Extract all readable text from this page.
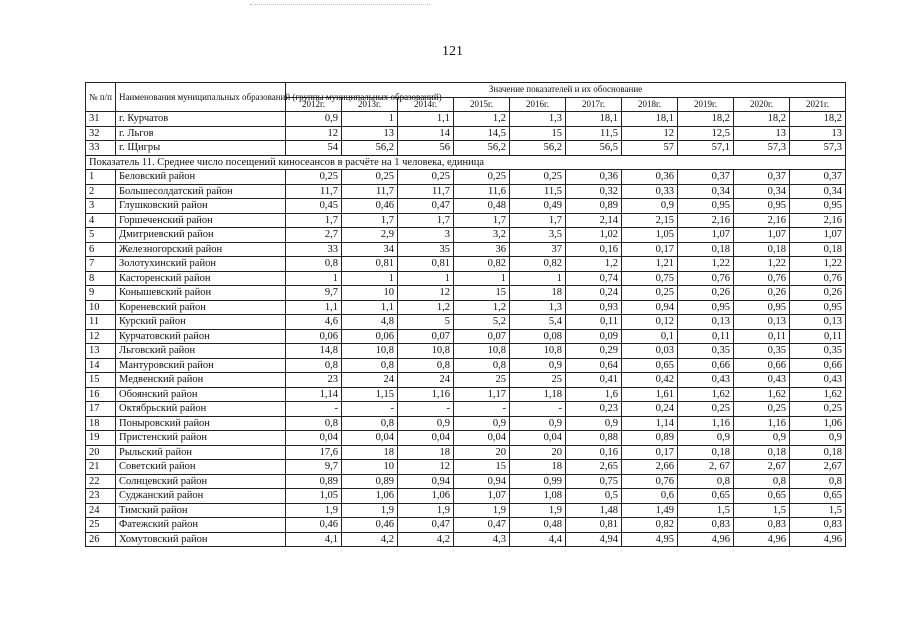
121
№ п/п	Наименования муниципальных образований (группы муниципальных образований)	Значение показателей и их обоснование									
		2012г.	2013г.	2014г.	2015г.	2016г.	2017г.	2018г.	2019г.	2020г.	2021г.
31	г. Курчатов	0,9	1	1,1	1,2	1,3	18,1	18,1	18,2	18,2	18,2
32	г. Льгов	12	13	14	14,5	15	11,5	12	12,5	13	13
33	г. Щигры	54	56,2	56	56,2	56,2	56,5	57	57,1	57,3	57,3
Показатель 11. Среднее число посещений киносеансов в расчёте на 1 человека, единица											
1	Беловский район	0,25	0,25	0,25	0,25	0,25	0,36	0,36	0,37	0,37	0,37
2	Большесолдатский район	11,7	11,7	11,7	11,6	11,5	0,32	0,33	0,34	0,34	0,34
3	Глушковский район	0,45	0,46	0,47	0,48	0,49	0,89	0,9	0,95	0,95	0,95
4	Горшеченский район	1,7	1,7	1,7	1,7	1,7	2,14	2,15	2,16	2,16	2,16
5	Дмитриевский район	2,7	2,9	3	3,2	3,5	1,02	1,05	1,07	1,07	1,07
6	Железногорский район	33	34	35	36	37	0,16	0,17	0,18	0,18	0,18
7	Золотухинский район	0,8	0,81	0,81	0,82	0,82	1,2	1,21	1,22	1,22	1,22
8	Касторенский район	1	1	1	1	1	0,74	0,75	0,76	0,76	0,76
9	Конышевский район	9,7	10	12	15	18	0,24	0,25	0,26	0,26	0,26
10	Кореневский район	1,1	1,1	1,2	1,2	1,3	0,93	0,94	0,95	0,95	0,95
11	Курский район	4,6	4,8	5	5,2	5,4	0,11	0,12	0,13	0,13	0,13
12	Курчатовский район	0,06	0,06	0,07	0,07	0,08	0,09	0,1	0,11	0,11	0,11
13	Льговский район	14,8	10,8	10,8	10,8	10,8	0,29	0,03	0,35	0,35	0,35
14	Мантуровский район	0,8	0,8	0,8	0,8	0,9	0,64	0,65	0,66	0,66	0,66
15	Медвенский район	23	24	24	25	25	0,41	0,42	0,43	0,43	0,43
16	Обоянский район	1,14	1,15	1,16	1,17	1,18	1,6	1,61	1,62	1,62	1,62
17	Октябрьский район	-	-	-	-	-	0,23	0,24	0,25	0,25	0,25
18	Поныровский район	0,8	0,8	0,9	0,9	0,9	0,9	1,14	1,16	1,16	1,06
19	Пристенский район	0,04	0,04	0,04	0,04	0,04	0,88	0,89	0,9	0,9	0,9
20	Рыльский район	17,6	18	18	20	20	0,16	0,17	0,18	0,18	0,18
21	Советский район	9,7	10	12	15	18	2,65	2,66	2, 67	2,67	2,67
22	Солнцевский район	0,89	0,89	0,94	0,94	0,99	0,75	0,76	0,8	0,8	0,8
23	Суджанский район	1,05	1,06	1,06	1,07	1,08	0,5	0,6	0,65	0,65	0,65
24	Тимский район	1,9	1,9	1,9	1,9	1,9	1,48	1,49	1,5	1,5	1,5
25	Фатежский район	0,46	0,46	0,47	0,47	0,48	0,81	0,82	0,83	0,83	0,83
26	Хомутовский район	4,1	4,2	4,2	4,3	4,4	4,94	4,95	4,96	4,96	4,96
